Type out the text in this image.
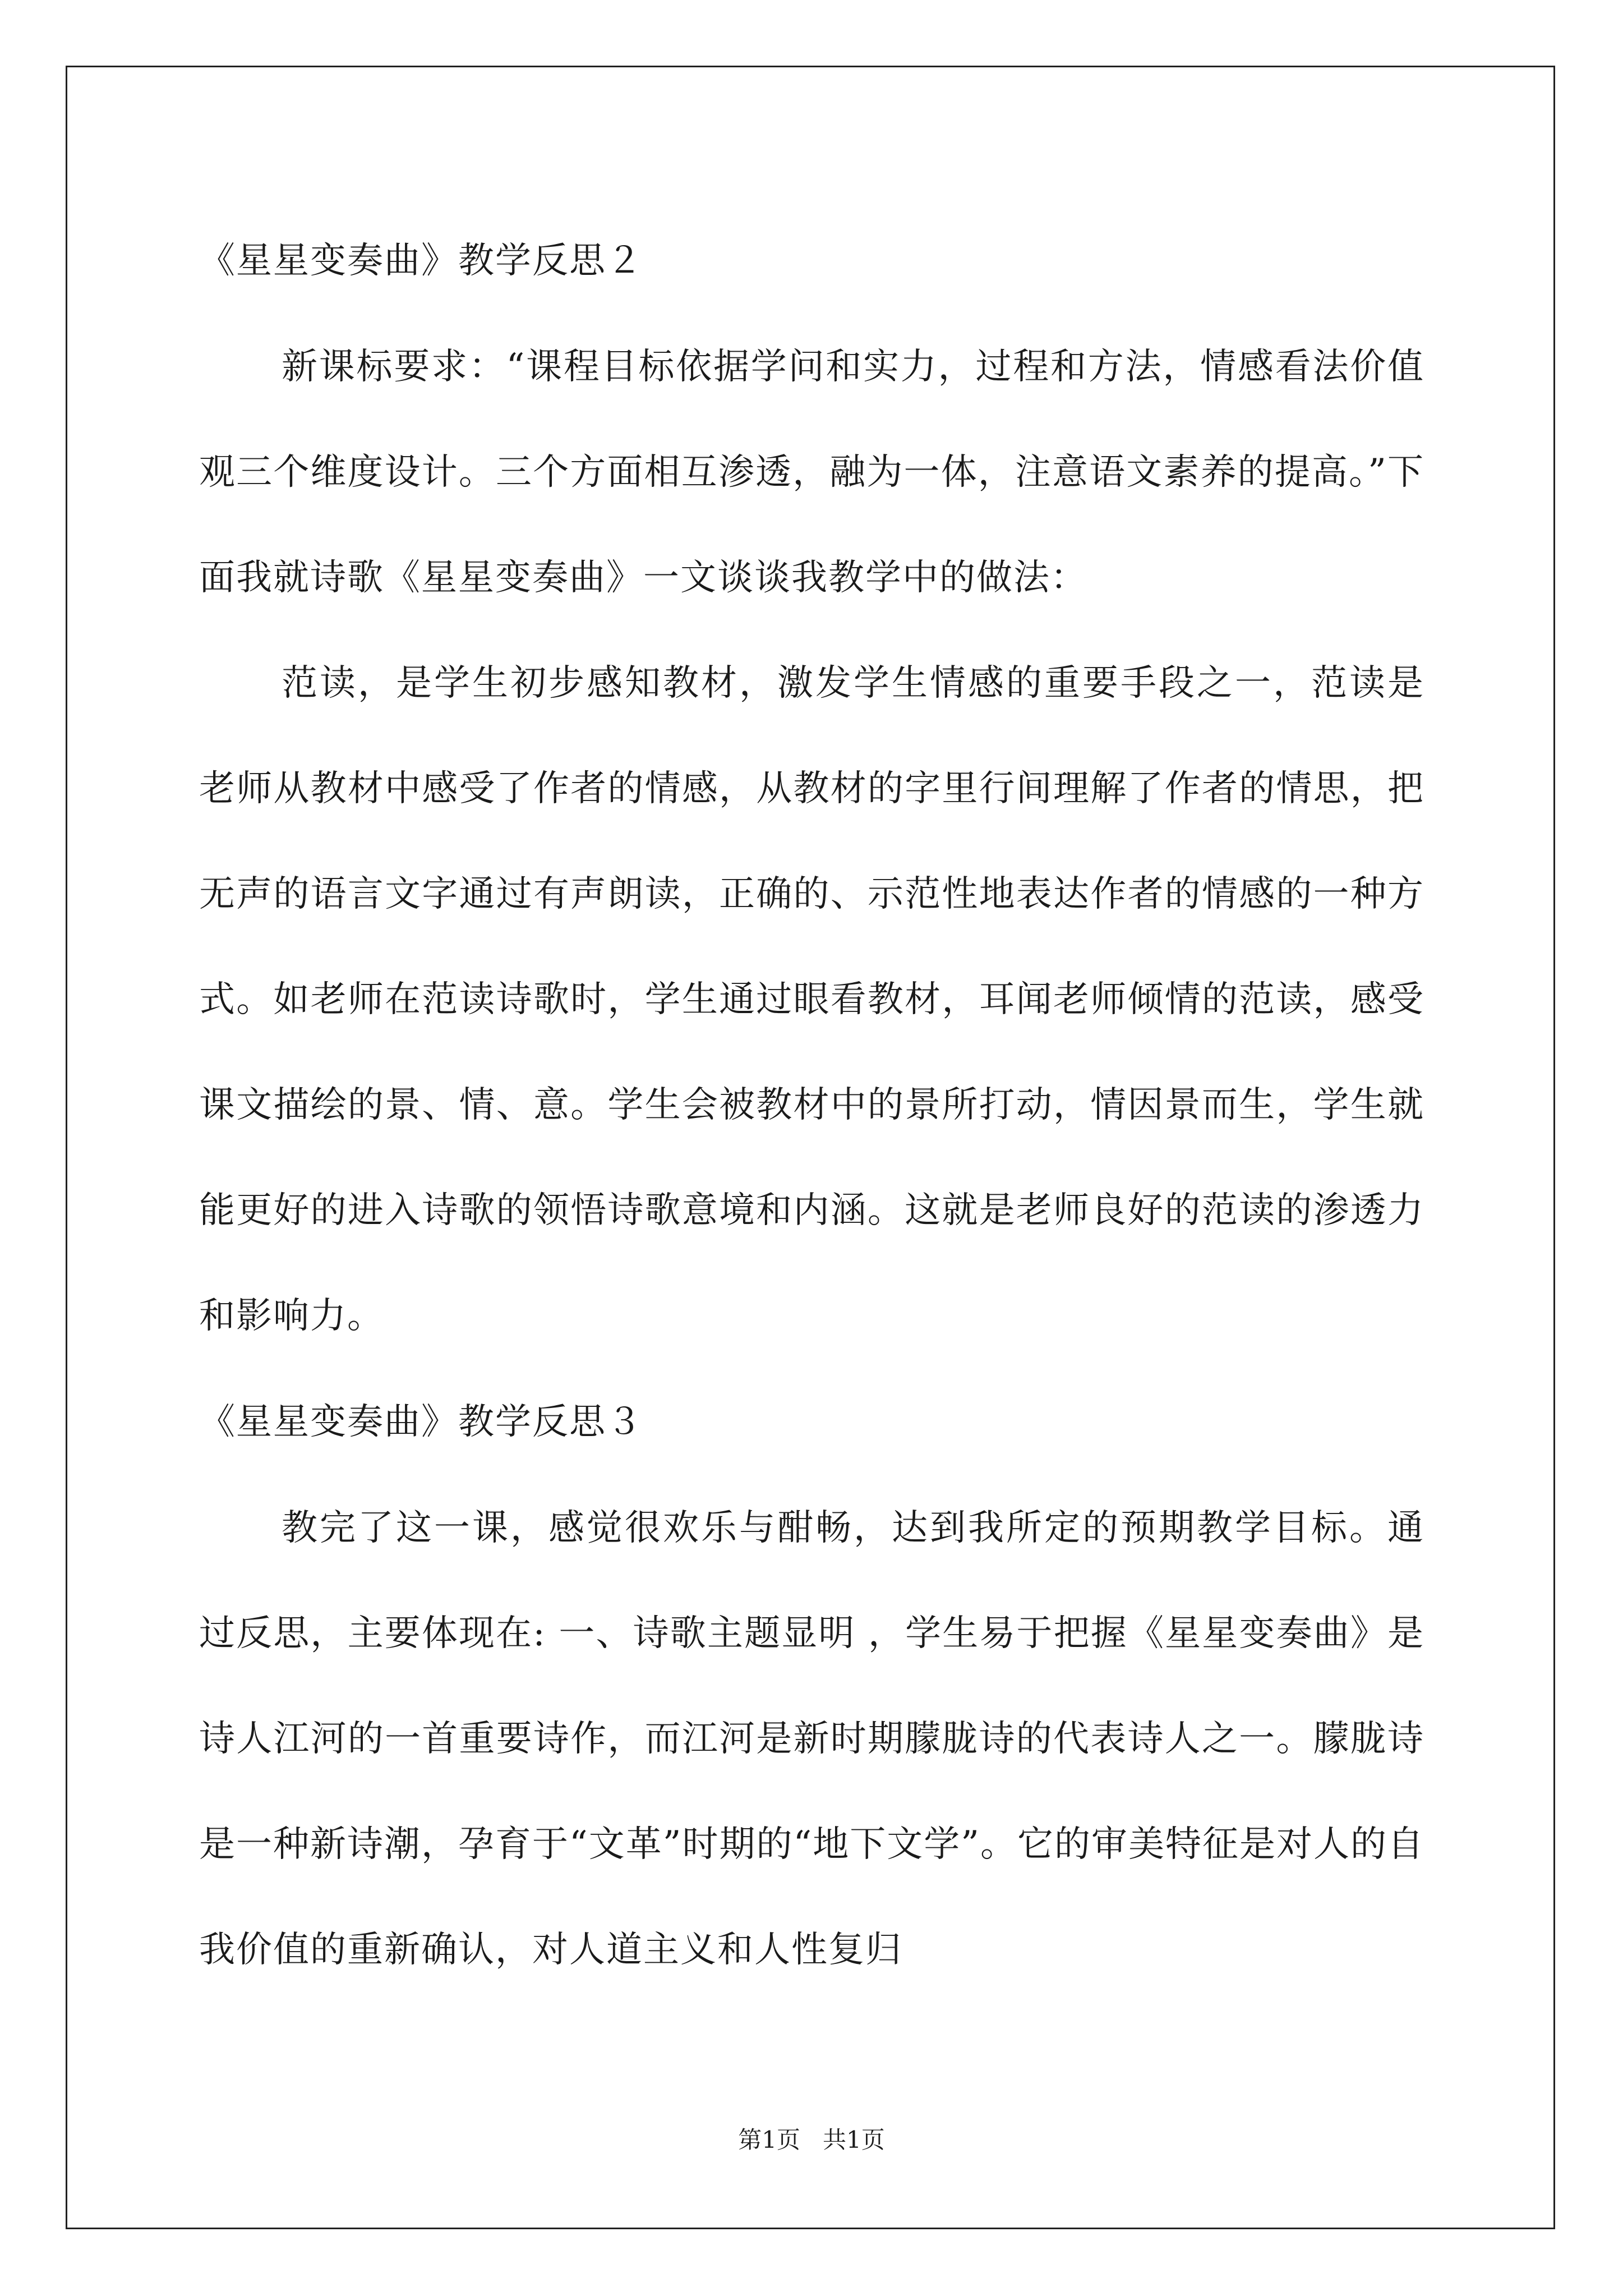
《星星变奏曲》教学反思２

新课标要求：“课程目标依据学问和实力，过程和方法，情感看法价值观三个维度设计。三个方面相互渗透，融为一体，注意语文素养的提高。”下面我就诗歌《星星变奏曲》一文谈谈我教学中的做法：

范读，是学生初步感知教材，激发学生情感的重要手段之一，范读是老师从教材中感受了作者的情感，从教材的字里行间理解了作者的情思，把无声的语言文字通过有声朗读，正确的、示范性地表达作者的情感的一种方式。如老师在范读诗歌时，学生通过眼看教材，耳闻老师倾情的范读，感受课文描绘的景、情、意。学生会被教材中的景所打动，情因景而生，学生就能更好的进入诗歌的领悟诗歌意境和内涵。这就是老师良好的范读的渗透力和影响力。

《星星变奏曲》教学反思３

教完了这一课，感觉很欢乐与酣畅，达到我所定的预期教学目标。通过反思，主要体现在: 一、诗歌主题显明 ，学生易于把握《星星变奏曲》是诗人江河的一首重要诗作，而江河是新时期朦胧诗的代表诗人之一。朦胧诗是一种新诗潮，孕育于“文革”时期的“地下文学”。它的审美特征是对人的自我价值的重新确认，对人道主义和人性复归

第1页   共1页
